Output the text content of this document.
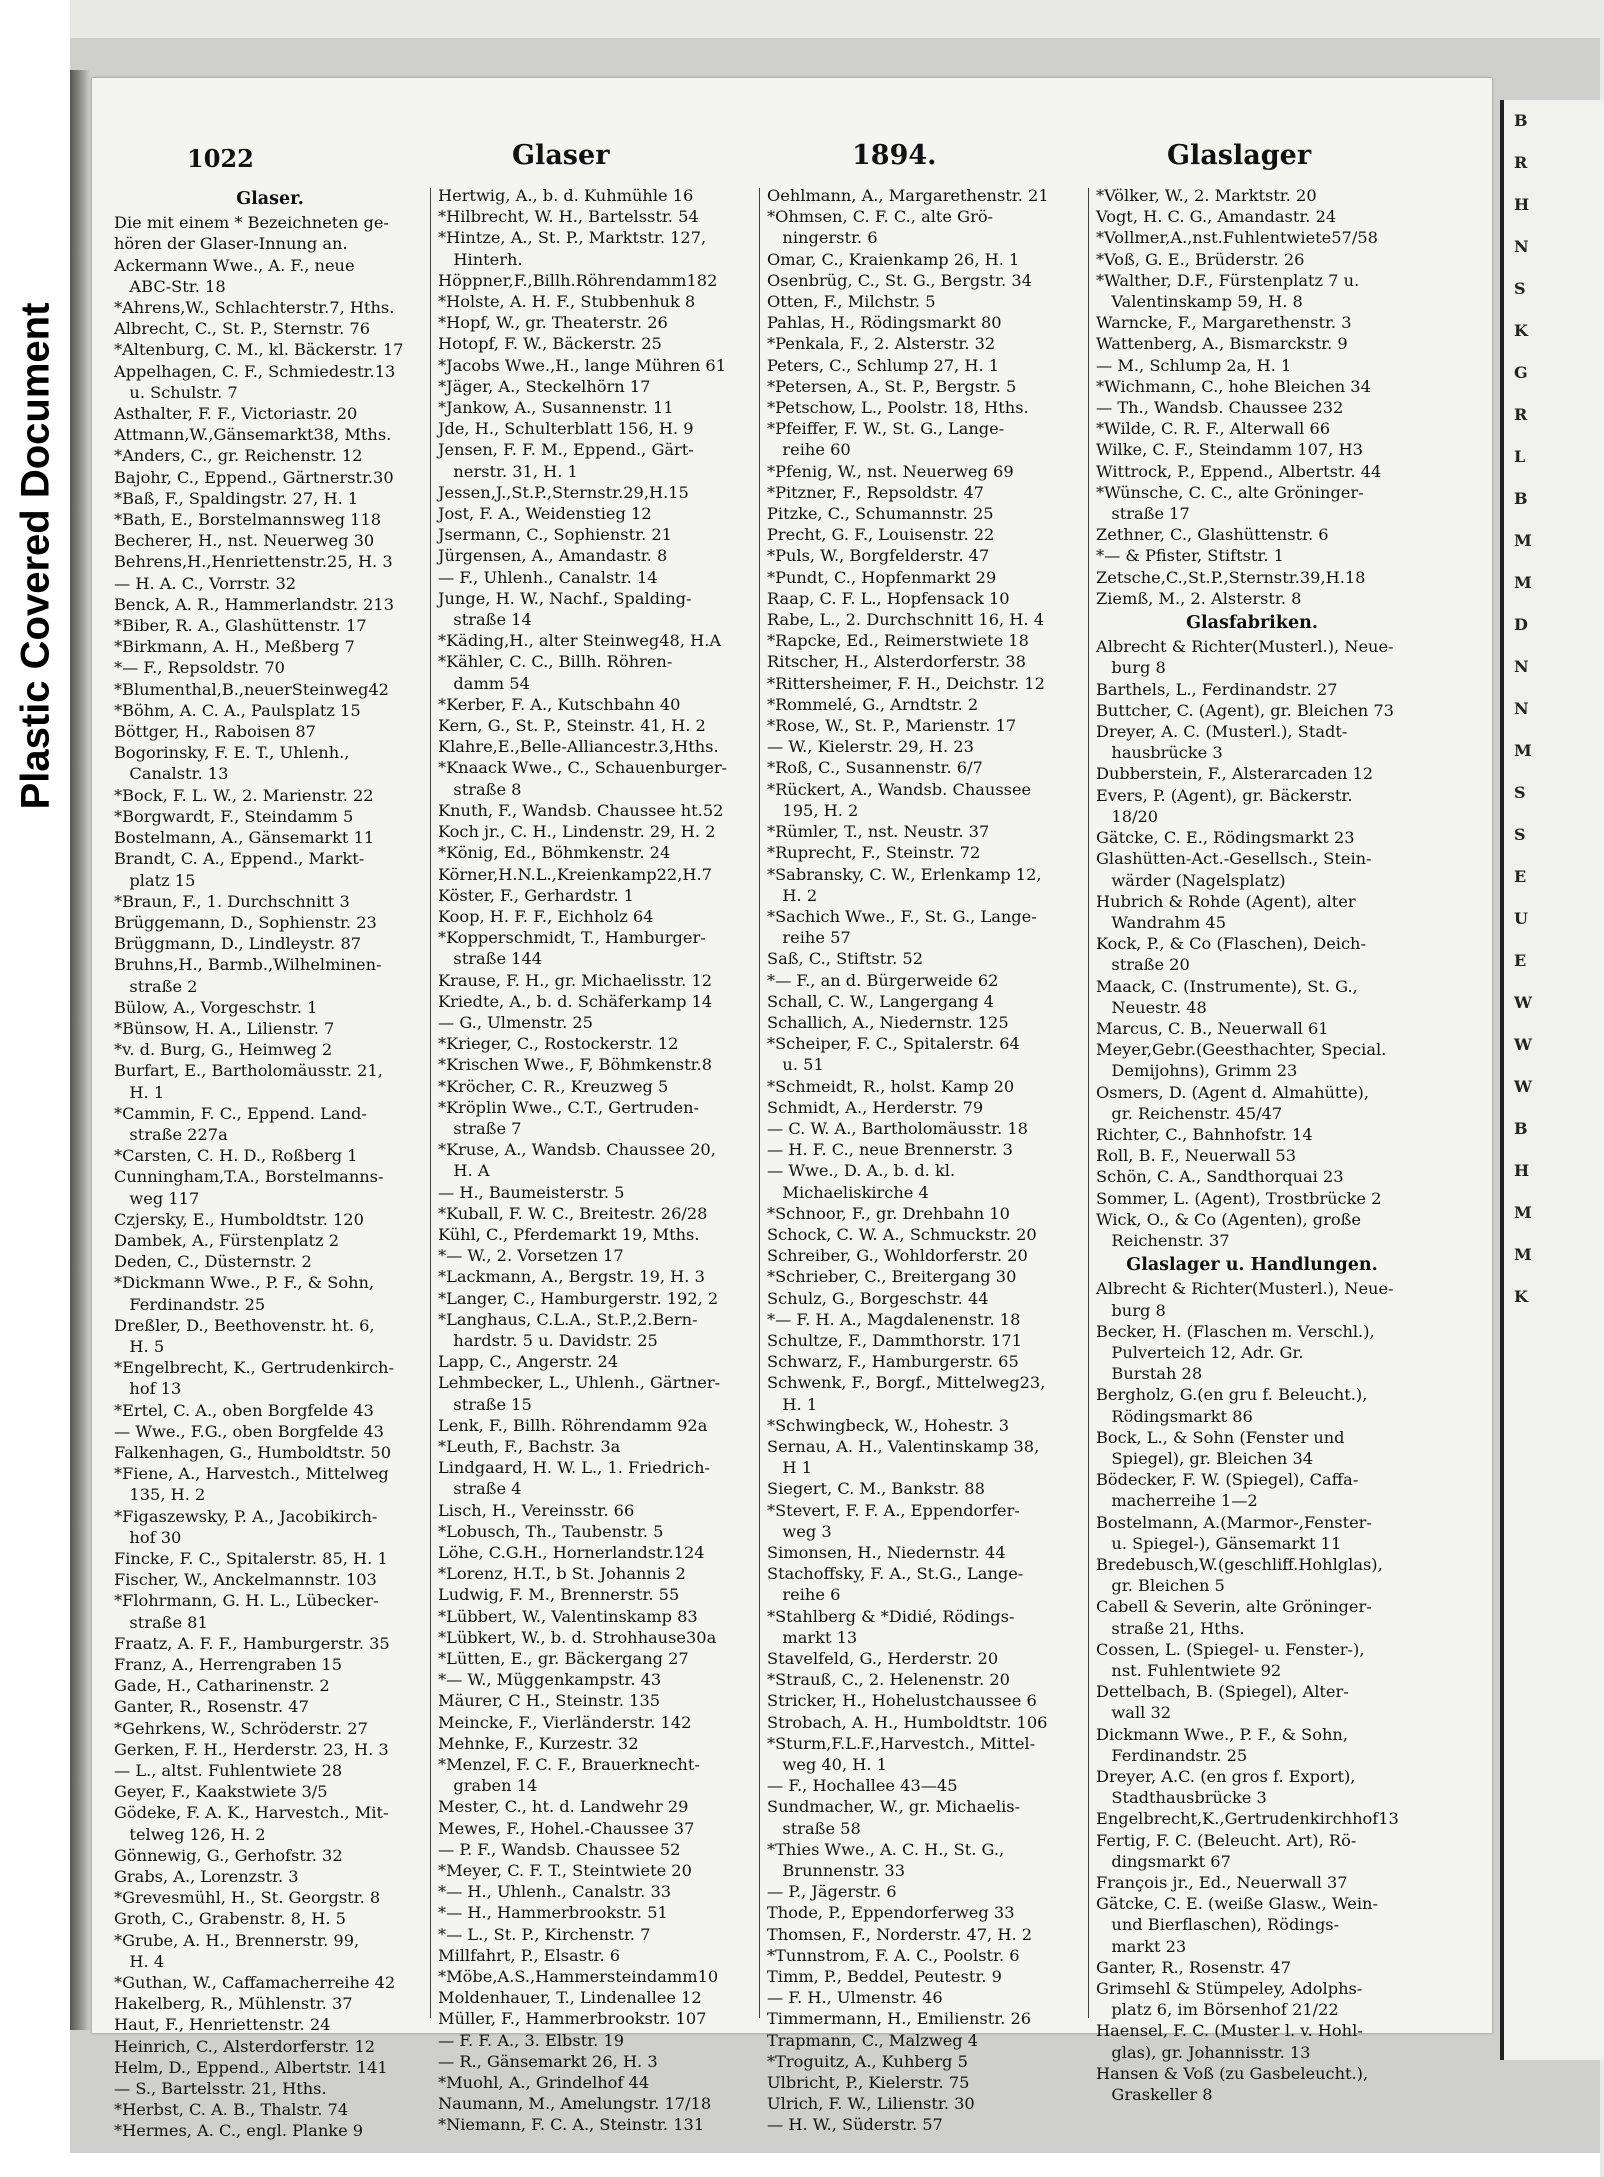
Plastic Covered Document
B
R
H
N
S
K
G
R
L
B
M
M
D
N
N
M
S
S
E
U
E
W
W
W
B
H
M
M
K
1022	Glaser	1894.	Glaslager
Glaser.
Die mit einem * Bezeichneten ge-
hören der Glaser-Innung an.
Ackermann Wwe., A. F., neue
ABC-Str. 18
*Ahrens,W., Schlachterstr.7, Hths.
Albrecht, C., St. P., Sternstr. 76
*Altenburg, C. M., kl. Bäckerstr. 17
Appelhagen, C. F., Schmiedestr.13
u. Schulstr. 7
Asthalter, F. F., Victoriastr. 20
Attmann,W.,Gänsemarkt38, Mths.
*Anders, C., gr. Reichenstr. 12
Bajohr, C., Eppend., Gärtnerstr.30
*Baß, F., Spaldingstr. 27, H. 1
*Bath, E., Borstelmannsweg 118
Becherer, H., nst. Neuerweg 30
Behrens,H.,Henriettenstr.25, H. 3
— H. A. C., Vorrstr. 32
Benck, A. R., Hammerlandstr. 213
*Biber, R. A., Glashüttenstr. 17
*Birkmann, A. H., Meßberg 7
*— F., Repsoldstr. 70
*Blumenthal,B.,neuerSteinweg42
*Böhm, A. C. A., Paulsplatz 15
Böttger, H., Raboisen 87
Bogorinsky, F. E. T., Uhlenh.,
Canalstr. 13
*Bock, F. L. W., 2. Marienstr. 22
*Borgwardt, F., Steindamm 5
Bostelmann, A., Gänsemarkt 11
Brandt, C. A., Eppend., Markt-
platz 15
*Braun, F., 1. Durchschnitt 3
Brüggemann, D., Sophienstr. 23
Brüggmann, D., Lindleystr. 87
Bruhns,H., Barmb.,Wilhelminen-
straße 2
Bülow, A., Vorgeschstr. 1
*Bünsow, H. A., Lilienstr. 7
*v. d. Burg, G., Heimweg 2
Burfart, E., Bartholomäusstr. 21,
H. 1
*Cammin, F. C., Eppend. Land-
straße 227a
*Carsten, C. H. D., Roßberg 1
Cunningham,T.A., Borstelmanns-
weg 117
Czjersky, E., Humboldtstr. 120
Dambek, A., Fürstenplatz 2
Deden, C., Düsternstr. 2
*Dickmann Wwe., P. F., & Sohn,
Ferdinandstr. 25
Dreßler, D., Beethovenstr. ht. 6,
H. 5
*Engelbrecht, K., Gertrudenkirch-
hof 13
*Ertel, C. A., oben Borgfelde 43
— Wwe., F.G., oben Borgfelde 43
Falkenhagen, G., Humboldtstr. 50
*Fiene, A., Harvestch., Mittelweg
135, H. 2
*Figaszewsky, P. A., Jacobikirch-
hof 30
Fincke, F. C., Spitalerstr. 85, H. 1
Fischer, W., Anckelmannstr. 103
*Flohrmann, G. H. L., Lübecker-
straße 81
Fraatz, A. F. F., Hamburgerstr. 35
Franz, A., Herrengraben 15
Gade, H., Catharinenstr. 2
Ganter, R., Rosenstr. 47
*Gehrkens, W., Schröderstr. 27
Gerken, F. H., Herderstr. 23, H. 3
— L., altst. Fuhlentwiete 28
Geyer, F., Kaakstwiete 3/5
Gödeke, F. A. K., Harvestch., Mit-
telweg 126, H. 2
Gönnewig, G., Gerhofstr. 32
Grabs, A., Lorenzstr. 3
*Grevesmühl, H., St. Georgstr. 8
Groth, C., Grabenstr. 8, H. 5
*Grube, A. H., Brennerstr. 99,
H. 4
*Guthan, W., Caffamacherreihe 42
Hakelberg, R., Mühlenstr. 37
Haut, F., Henriettenstr. 24
Heinrich, C., Alsterdorferstr. 12
Helm, D., Eppend., Albertstr. 141
— S., Bartelsstr. 21, Hths.
*Herbst, C. A. B., Thalstr. 74
*Hermes, A. C., engl. Planke 9
Hertwig, A., b. d. Kuhmühle 16
*Hilbrecht, W. H., Bartelsstr. 54
*Hintze, A., St. P., Marktstr. 127,
Hinterh.
Höppner,F.,Billh.Röhrendamm182
*Holste, A. H. F., Stubbenhuk 8
*Hopf, W., gr. Theaterstr. 26
Hotopf, F. W., Bäckerstr. 25
*Jacobs Wwe.,H., lange Mühren 61
*Jäger, A., Steckelhörn 17
*Jankow, A., Susannenstr. 11
Jde, H., Schulterblatt 156, H. 9
Jensen, F. F. M., Eppend., Gärt-
nerstr. 31, H. 1
Jessen,J.,St.P.,Sternstr.29,H.15
Jost, F. A., Weidenstieg 12
Jsermann, C., Sophienstr. 21
Jürgensen, A., Amandastr. 8
— F., Uhlenh., Canalstr. 14
Junge, H. W., Nachf., Spalding-
straße 14
*Käding,H., alter Steinweg48, H.A
*Kähler, C. C., Billh. Röhren-
damm 54
*Kerber, F. A., Kutschbahn 40
Kern, G., St. P., Steinstr. 41, H. 2
Klahre,E.,Belle-Alliancestr.3,Hths.
*Knaack Wwe., C., Schauenburger-
straße 8
Knuth, F., Wandsb. Chaussee ht.52
Koch jr., C. H., Lindenstr. 29, H. 2
*König, Ed., Böhmkenstr. 24
Körner,H.N.L.,Kreienkamp22,H.7
Köster, F., Gerhardstr. 1
Koop, H. F. F., Eichholz 64
*Kopperschmidt, T., Hamburger-
straße 144
Krause, F. H., gr. Michaelisstr. 12
Kriedte, A., b. d. Schäferkamp 14
— G., Ulmenstr. 25
*Krieger, C., Rostockerstr. 12
*Krischen Wwe., F, Böhmkenstr.8
*Kröcher, C. R., Kreuzweg 5
*Kröplin Wwe., C.T., Gertruden-
straße 7
*Kruse, A., Wandsb. Chaussee 20,
H. A
— H., Baumeisterstr. 5
*Kuball, F. W. C., Breitestr. 26/28
Kühl, C., Pferdemarkt 19, Mths.
*— W., 2. Vorsetzen 17
*Lackmann, A., Bergstr. 19, H. 3
*Langer, C., Hamburgerstr. 192, 2
*Langhaus, C.L.A., St.P.,2.Bern-
hardstr. 5 u. Davidstr. 25
Lapp, C., Angerstr. 24
Lehmbecker, L., Uhlenh., Gärtner-
straße 15
Lenk, F., Billh. Röhrendamm 92a
*Leuth, F., Bachstr. 3a
Lindgaard, H. W. L., 1. Friedrich-
straße 4
Lisch, H., Vereinsstr. 66
*Lobusch, Th., Taubenstr. 5
Löhe, C.G.H., Hornerlandstr.124
*Lorenz, H.T., b St. Johannis 2
Ludwig, F. M., Brennerstr. 55
*Lübbert, W., Valentinskamp 83
*Lübkert, W., b. d. Strohhause30a
*Lütten, E., gr. Bäckergang 27
*— W., Müggenkampstr. 43
Mäurer, C H., Steinstr. 135
Meincke, F., Vierländerstr. 142
Mehnke, F., Kurzestr. 32
*Menzel, F. C. F., Brauerknecht-
graben 14
Mester, C., ht. d. Landwehr 29
Mewes, F., Hohel.-Chaussee 37
— P. F., Wandsb. Chaussee 52
*Meyer, C. F. T., Steintwiete 20
*— H., Uhlenh., Canalstr. 33
*— H., Hammerbrookstr. 51
*— L., St. P., Kirchenstr. 7
Millfahrt, P., Elsastr. 6
*Möbe,A.S.,Hammersteindamm10
Moldenhauer, T., Lindenallee 12
Müller, F., Hammerbrookstr. 107
— F. F. A., 3. Elbstr. 19
— R., Gänsemarkt 26, H. 3
*Muohl, A., Grindelhof 44
Naumann, M., Amelungstr. 17/18
*Niemann, F. C. A., Steinstr. 131
Oehlmann, A., Margarethenstr. 21
*Ohmsen, C. F. C., alte Grö-
ningerstr. 6
Omar, C., Kraienkamp 26, H. 1
Osenbrüg, C., St. G., Bergstr. 34
Otten, F., Milchstr. 5
Pahlas, H., Rödingsmarkt 80
*Penkala, F., 2. Alsterstr. 32
Peters, C., Schlump 27, H. 1
*Petersen, A., St. P., Bergstr. 5
*Petschow, L., Poolstr. 18, Hths.
*Pfeiffer, F. W., St. G., Lange-
reihe 60
*Pfenig, W., nst. Neuerweg 69
*Pitzner, F., Repsoldstr. 47
Pitzke, C., Schumannstr. 25
Precht, G. F., Louisenstr. 22
*Puls, W., Borgfelderstr. 47
*Pundt, C., Hopfenmarkt 29
Raap, C. F. L., Hopfensack 10
Rabe, L., 2. Durchschnitt 16, H. 4
*Rapcke, Ed., Reimerstwiete 18
Ritscher, H., Alsterdorferstr. 38
*Rittersheimer, F. H., Deichstr. 12
*Rommelé, G., Arndtstr. 2
*Rose, W., St. P., Marienstr. 17
— W., Kielerstr. 29, H. 23
*Roß, C., Susannenstr. 6/7
*Rückert, A., Wandsb. Chaussee
195, H. 2
*Rümler, T., nst. Neustr. 37
*Ruprecht, F., Steinstr. 72
*Sabransky, C. W., Erlenkamp 12,
H. 2
*Sachich Wwe., F., St. G., Lange-
reihe 57
Saß, C., Stiftstr. 52
*— F., an d. Bürgerweide 62
Schall, C. W., Langergang 4
Schallich, A., Niedernstr. 125
*Scheiper, F. C., Spitalerstr. 64
u. 51
*Schmeidt, R., holst. Kamp 20
Schmidt, A., Herderstr. 79
— C. W. A., Bartholomäusstr. 18
— H. F. C., neue Brennerstr. 3
— Wwe., D. A., b. d. kl.
Michaeliskirche 4
*Schnoor, F., gr. Drehbahn 10
Schock, C. W. A., Schmuckstr. 20
Schreiber, G., Wohldorferstr. 20
*Schrieber, C., Breitergang 30
Schulz, G., Borgeschstr. 44
*— F. H. A., Magdalenenstr. 18
Schultze, F., Dammthorstr. 171
Schwarz, F., Hamburgerstr. 65
Schwenk, F., Borgf., Mittelweg23,
H. 1
*Schwingbeck, W., Hohestr. 3
Sernau, A. H., Valentinskamp 38,
H 1
Siegert, C. M., Bankstr. 88
*Stevert, F. F. A., Eppendorfer-
weg 3
Simonsen, H., Niedernstr. 44
Stachoffsky, F. A., St.G., Lange-
reihe 6
*Stahlberg & *Didié, Rödings-
markt 13
Stavelfeld, G., Herderstr. 20
*Strauß, C., 2. Helenenstr. 20
Stricker, H., Hohelustchaussee 6
Strobach, A. H., Humboldtstr. 106
*Sturm,F.L.F.,Harvestch., Mittel-
weg 40, H. 1
— F., Hochallee 43—45
Sundmacher, W., gr. Michaelis-
straße 58
*Thies Wwe., A. C. H., St. G.,
Brunnenstr. 33
— P., Jägerstr. 6
Thode, P., Eppendorferweg 33
Thomsen, F., Norderstr. 47, H. 2
*Tunnstrom, F. A. C., Poolstr. 6
Timm, P., Beddel, Peutestr. 9
— F. H., Ulmenstr. 46
Timmermann, H., Emilienstr. 26
Trapmann, C., Malzweg 4
*Troguitz, A., Kuhberg 5
Ulbricht, P., Kielerstr. 75
Ulrich, F. W., Lilienstr. 30
— H. W., Süderstr. 57
*Völker, W., 2. Marktstr. 20
Vogt, H. C. G., Amandastr. 24
*Vollmer,A.,nst.Fuhlentwiete57/58
*Voß, G. E., Brüderstr. 26
*Walther, D.F., Fürstenplatz 7 u.
Valentinskamp 59, H. 8
Warncke, F., Margarethenstr. 3
Wattenberg, A., Bismarckstr. 9
— M., Schlump 2a, H. 1
*Wichmann, C., hohe Bleichen 34
— Th., Wandsb. Chaussee 232
*Wilde, C. R. F., Alterwall 66
Wilke, C. F., Steindamm 107, H3
Wittrock, P., Eppend., Albertstr. 44
*Wünsche, C. C., alte Gröninger-
straße 17
Zethner, C., Glashüttenstr. 6
*— & Pfister, Stiftstr. 1
Zetsche,C.,St.P.,Sternstr.39,H.18
Ziemß, M., 2. Alsterstr. 8
Glasfabriken.
Albrecht & Richter(Musterl.), Neue-
burg 8
Barthels, L., Ferdinandstr. 27
Buttcher, C. (Agent), gr. Bleichen 73
Dreyer, A. C. (Musterl.), Stadt-
hausbrücke 3
Dubberstein, F., Alsterarcaden 12
Evers, P. (Agent), gr. Bäckerstr.
18/20
Gätcke, C. E., Rödingsmarkt 23
Glashütten-Act.-Gesellsch., Stein-
wärder (Nagelsplatz)
Hubrich & Rohde (Agent), alter
Wandrahm 45
Kock, P., & Co (Flaschen), Deich-
straße 20
Maack, C. (Instrumente), St. G.,
Neuestr. 48
Marcus, C. B., Neuerwall 61
Meyer,Gebr.(Geesthachter, Special.
Demijohns), Grimm 23
Osmers, D. (Agent d. Almahütte),
gr. Reichenstr. 45/47
Richter, C., Bahnhofstr. 14
Roll, B. F., Neuerwall 53
Schön, C. A., Sandthorquai 23
Sommer, L. (Agent), Trostbrücke 2
Wick, O., & Co (Agenten), große
Reichenstr. 37
Glaslager u. Handlungen.
Albrecht & Richter(Musterl.), Neue-
burg 8
Becker, H. (Flaschen m. Verschl.),
Pulverteich 12, Adr. Gr.
Burstah 28
Bergholz, G.(en gru f. Beleucht.),
Rödingsmarkt 86
Bock, L., & Sohn (Fenster und
Spiegel), gr. Bleichen 34
Bödecker, F. W. (Spiegel), Caffa-
macherreihe 1—2
Bostelmann, A.(Marmor-,Fenster-
u. Spiegel-), Gänsemarkt 11
Bredebusch,W.(geschliff.Hohlglas),
gr. Bleichen 5
Cabell & Severin, alte Gröninger-
straße 21, Hths.
Cossen, L. (Spiegel- u. Fenster-),
nst. Fuhlentwiete 92
Dettelbach, B. (Spiegel), Alter-
wall 32
Dickmann Wwe., P. F., & Sohn,
Ferdinandstr. 25
Dreyer, A.C. (en gros f. Export),
Stadthausbrücke 3
Engelbrecht,K.,Gertrudenkirchhof13
Fertig, F. C. (Beleucht. Art), Rö-
dingsmarkt 67
François jr., Ed., Neuerwall 37
Gätcke, C. E. (weiße Glasw., Wein-
und Bierflaschen), Rödings-
markt 23
Ganter, R., Rosenstr. 47
Grimsehl & Stümpeley, Adolphs-
platz 6, im Börsenhof 21/22
Haensel, F. C. (Muster l. v. Hohl-
glas), gr. Johannisstr. 13
Hansen & Voß (zu Gasbeleucht.),
Graskeller 8
